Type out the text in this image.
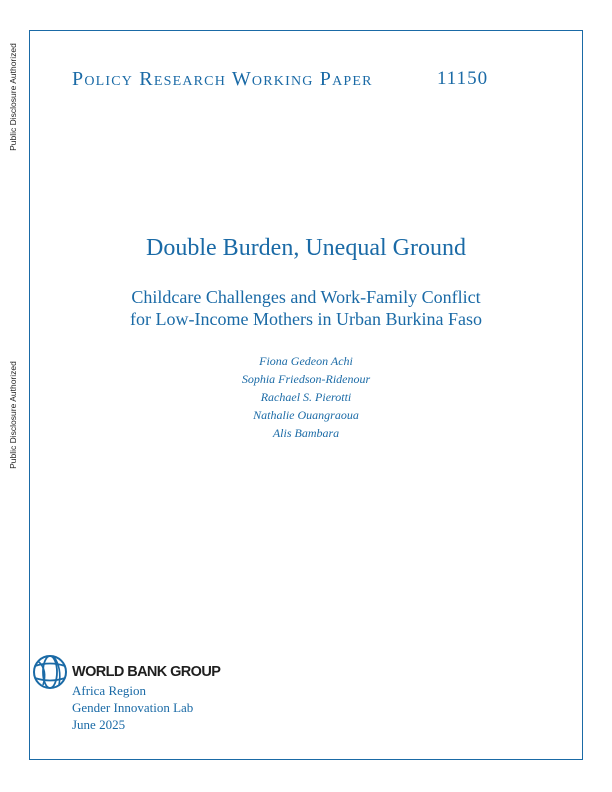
Public Disclosure Authorized
Public Disclosure Authorized
Policy Research Working Paper	11150
Double Burden, Unequal Ground
Childcare Challenges and Work-Family Conflict
for Low-Income Mothers in Urban Burkina Faso
Fiona Gedeon Achi
Sophia Friedson-Ridenour
Rachael S. Pierotti
Nathalie Ouangraoua
Alis Bambara
WORLD BANK GROUP
Africa Region
Gender Innovation Lab
June 2025
